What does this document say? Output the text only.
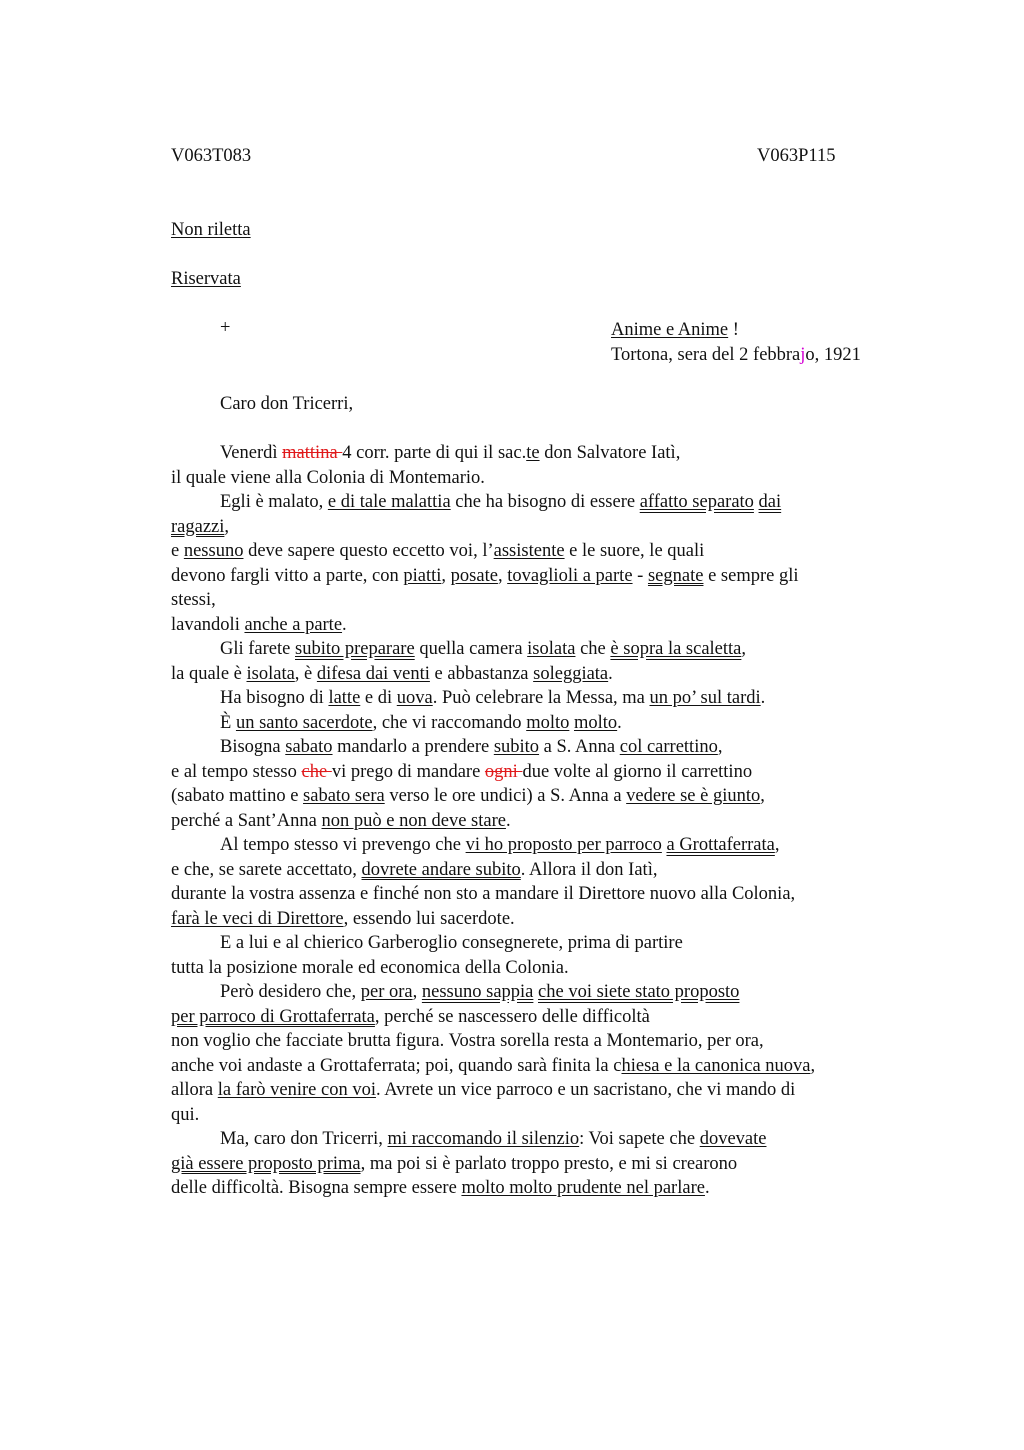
V063T083	V063P115
Non riletta
Riservata
+	Anime e Anime !
Tortona, sera del 2 febbrajo, 1921
Caro don Tricerri,
Venerdì mattina 4 corr. parte di qui il sac.te don Salvatore Iatì,
il quale viene alla Colonia di Montemario.
Egli è malato, e di tale malattia che ha bisogno di essere affatto separato dai
ragazzi,
e nessuno deve sapere questo eccetto voi, l’assistente e le suore, le quali
devono fargli vitto a parte, con piatti, posate, tovaglioli a parte - segnate e sempre gli
stessi,
lavandoli anche a parte.
Gli farete subito preparare quella camera isolata che è sopra la scaletta,
la quale è isolata, è difesa dai venti e abbastanza soleggiata.
Ha bisogno di latte e di uova. Può celebrare la Messa, ma un po’ sul tardi.
È un santo sacerdote, che vi raccomando molto molto.
Bisogna sabato mandarlo a prendere subito a S. Anna col carrettino,
e al tempo stesso che vi prego di mandare ogni due volte al giorno il carrettino
(sabato mattino e sabato sera verso le ore undici) a S. Anna a vedere se è giunto,
perché a Sant’Anna non può e non deve stare.
Al tempo stesso vi prevengo che vi ho proposto per parroco a Grottaferrata,
e che, se sarete accettato, dovrete andare subito. Allora il don Iatì,
durante la vostra assenza e finché non sto a mandare il Direttore nuovo alla Colonia,
farà le veci di Direttore, essendo lui sacerdote.
E a lui e al chierico Garberoglio consegnerete, prima di partire
tutta la posizione morale ed economica della Colonia.
Però desidero che, per ora, nessuno sappia che voi siete stato proposto
per parroco di Grottaferrata, perché se nascessero delle difficoltà
non voglio che facciate brutta figura. Vostra sorella resta a Montemario, per ora,
anche voi andaste a Grottaferrata; poi, quando sarà finita la chiesa e la canonica nuova,
allora la farò venire con voi. Avrete un vice parroco e un sacristano, che vi mando di
qui.
Ma, caro don Tricerri, mi raccomando il silenzio: Voi sapete che dovevate
già essere proposto prima, ma poi si è parlato troppo presto, e mi si crearono
delle difficoltà. Bisogna sempre essere molto molto prudente nel parlare.
